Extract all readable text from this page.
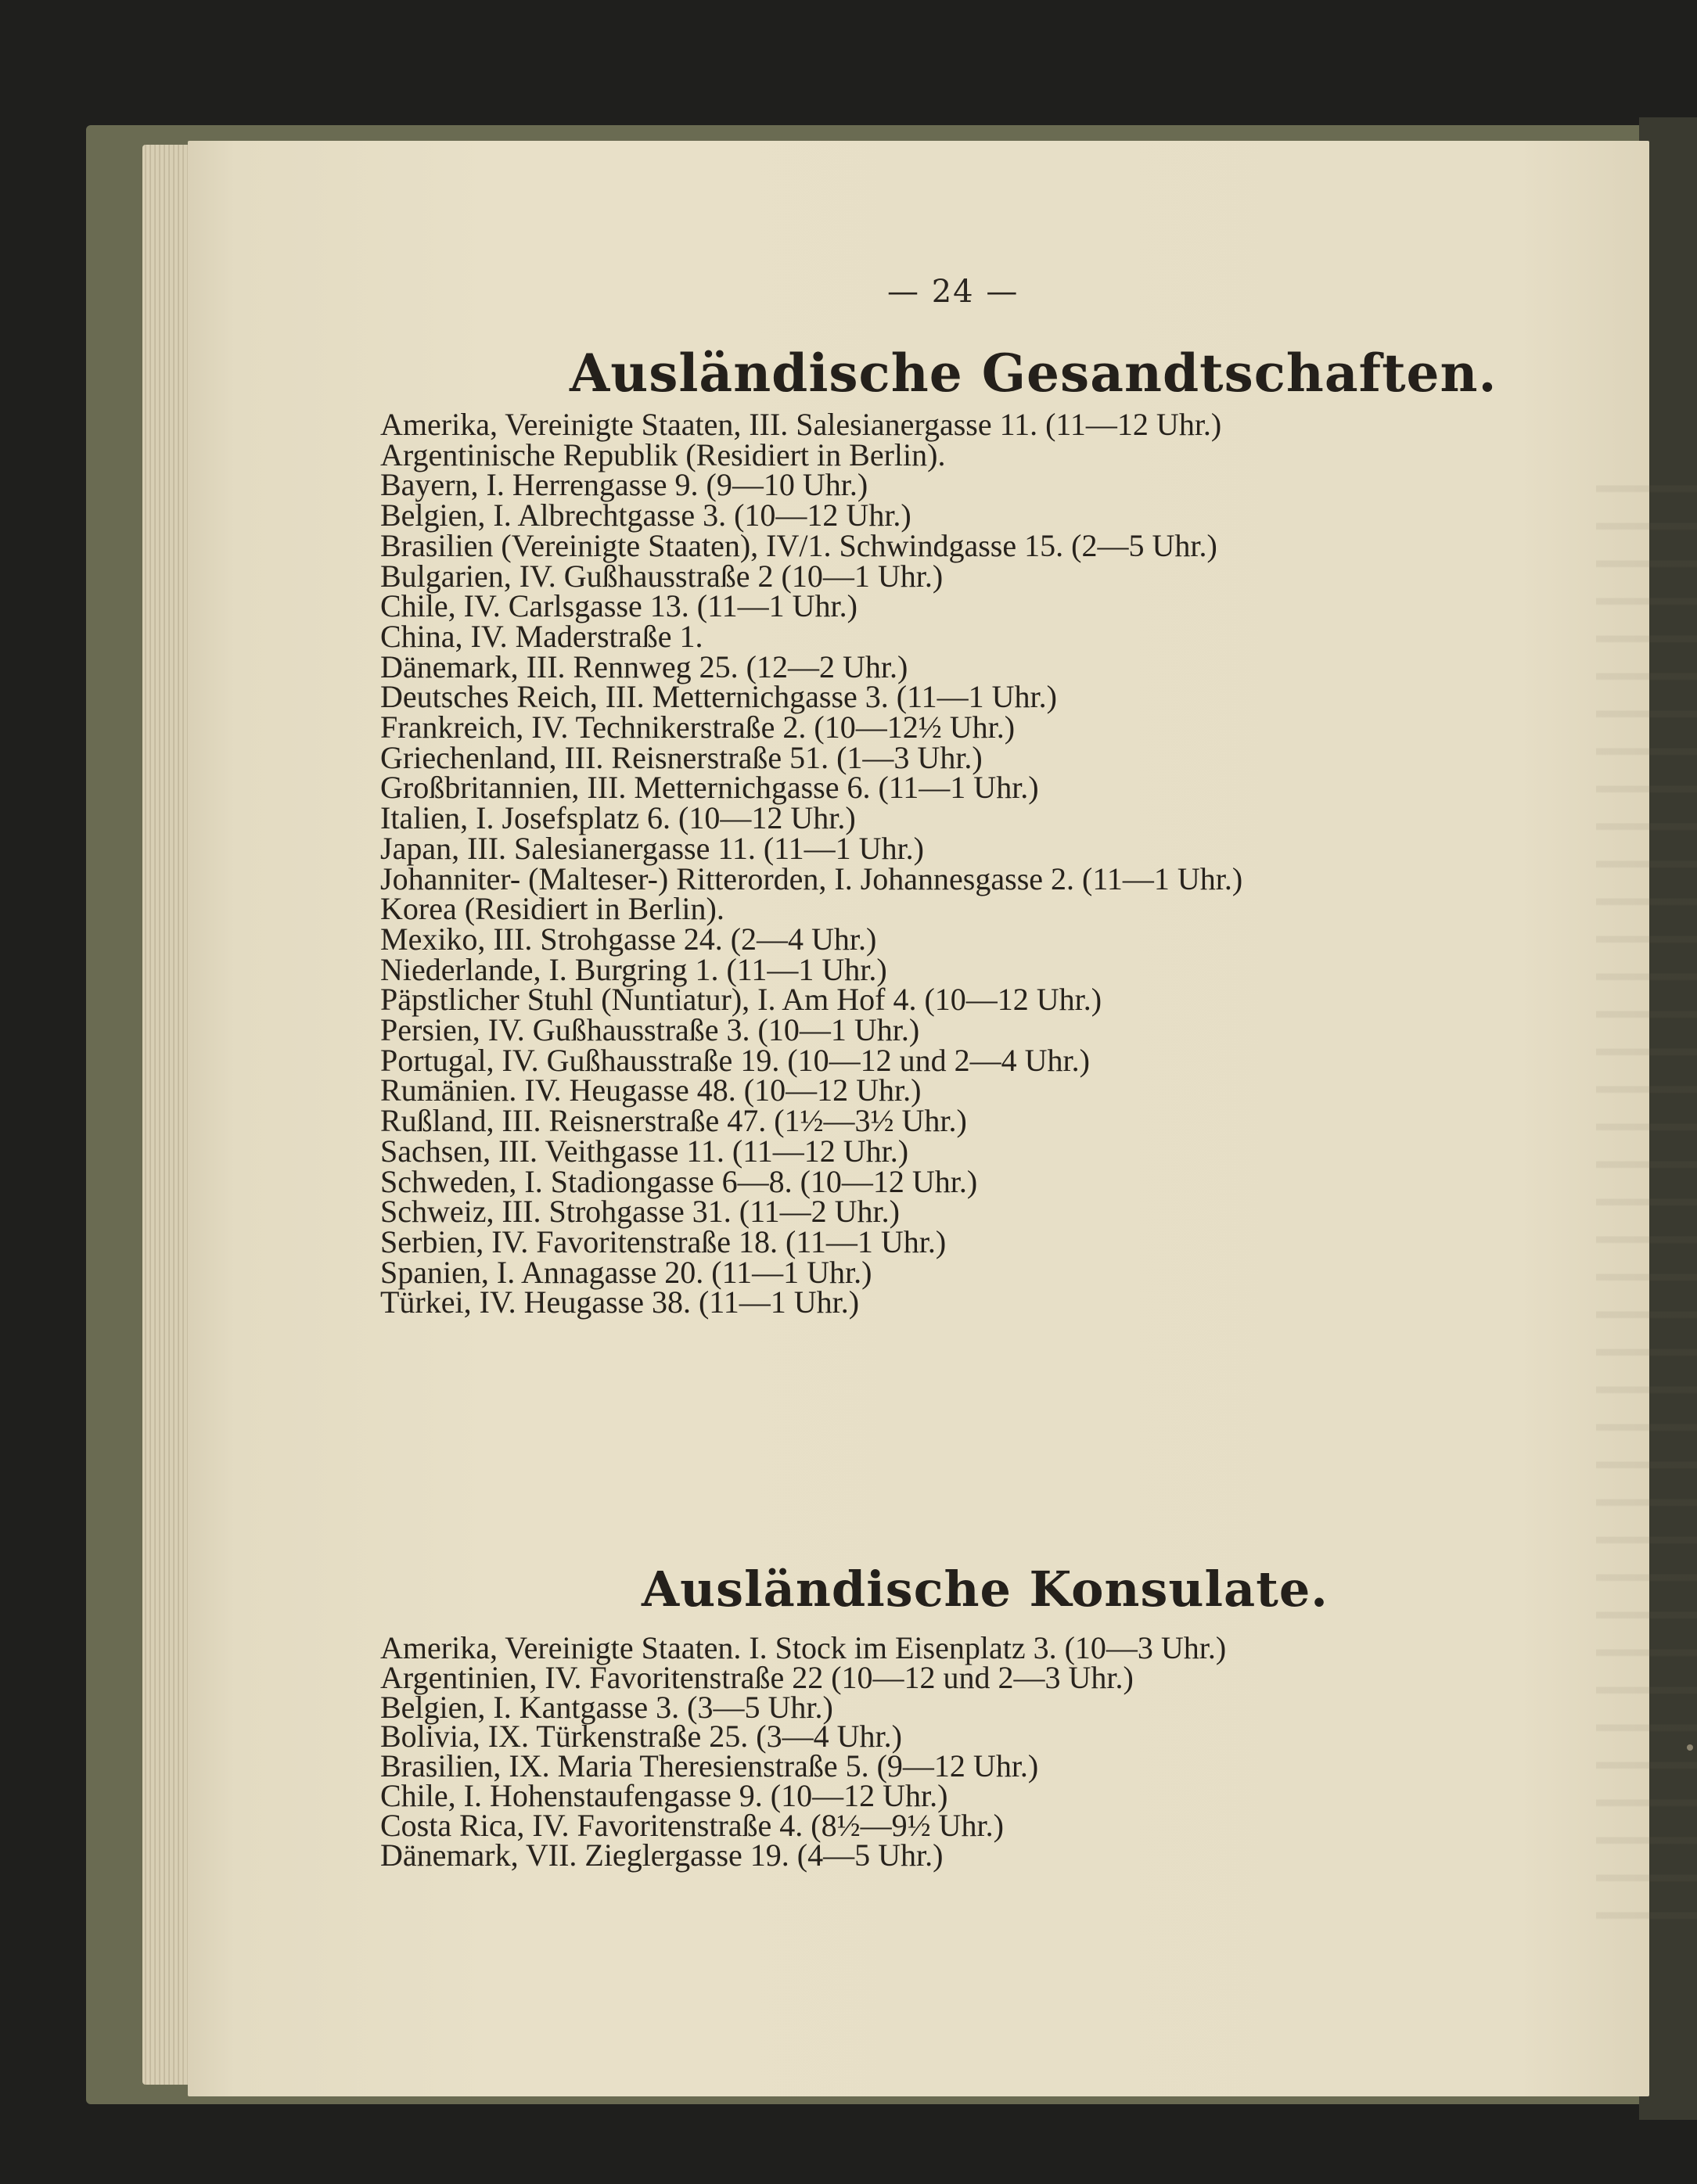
— 24 —
Ausländische Gesandtschaften.
Amerika, Vereinigte Staaten, III. Salesianergasse 11. (11—12 Uhr.)
Argentinische Republik (Residiert in Berlin).
Bayern, I. Herrengasse 9. (9—10 Uhr.)
Belgien, I. Albrechtgasse 3. (10—12 Uhr.)
Brasilien (Vereinigte Staaten), IV/1. Schwindgasse 15. (2—5 Uhr.)
Bulgarien, IV. Gußhausstraße 2 (10—1 Uhr.)
Chile, IV. Carlsgasse 13. (11—1 Uhr.)
China, IV. Maderstraße 1.
Dänemark, III. Rennweg 25. (12—2 Uhr.)
Deutsches Reich, III. Metternichgasse 3. (11—1 Uhr.)
Frankreich, IV. Technikerstraße 2. (10—12½ Uhr.)
Griechenland, III. Reisnerstraße 51. (1—3 Uhr.)
Großbritannien, III. Metternichgasse 6. (11—1 Uhr.)
Italien, I. Josefsplatz 6. (10—12 Uhr.)
Japan, III. Salesianergasse 11. (11—1 Uhr.)
Johanniter- (Malteser-) Ritterorden, I. Johannesgasse 2. (11—1 Uhr.)
Korea (Residiert in Berlin).
Mexiko, III. Strohgasse 24. (2—4 Uhr.)
Niederlande, I. Burgring 1. (11—1 Uhr.)
Päpstlicher Stuhl (Nuntiatur), I. Am Hof 4. (10—12 Uhr.)
Persien, IV. Gußhausstraße 3. (10—1 Uhr.)
Portugal, IV. Gußhausstraße 19. (10—12 und 2—4 Uhr.)
Rumänien. IV. Heugasse 48. (10—12 Uhr.)
Rußland, III. Reisnerstraße 47. (1½—3½ Uhr.)
Sachsen, III. Veithgasse 11. (11—12 Uhr.)
Schweden, I. Stadiongasse 6—8. (10—12 Uhr.)
Schweiz, III. Strohgasse 31. (11—2 Uhr.)
Serbien, IV. Favoritenstraße 18. (11—1 Uhr.)
Spanien, I. Annagasse 20. (11—1 Uhr.)
Türkei, IV. Heugasse 38. (11—1 Uhr.)
Ausländische Konsulate.
Amerika, Vereinigte Staaten. I. Stock im Eisenplatz 3. (10—3 Uhr.)
Argentinien, IV. Favoritenstraße 22 (10—12 und 2—3 Uhr.)
Belgien, I. Kantgasse 3. (3—5 Uhr.)
Bolivia, IX. Türkenstraße 25. (3—4 Uhr.)
Brasilien, IX. Maria Theresienstraße 5. (9—12 Uhr.)
Chile, I. Hohenstaufengasse 9. (10—12 Uhr.)
Costa Rica, IV. Favoritenstraße 4. (8½—9½ Uhr.)
Dänemark, VII. Zieglergasse 19. (4—5 Uhr.)
